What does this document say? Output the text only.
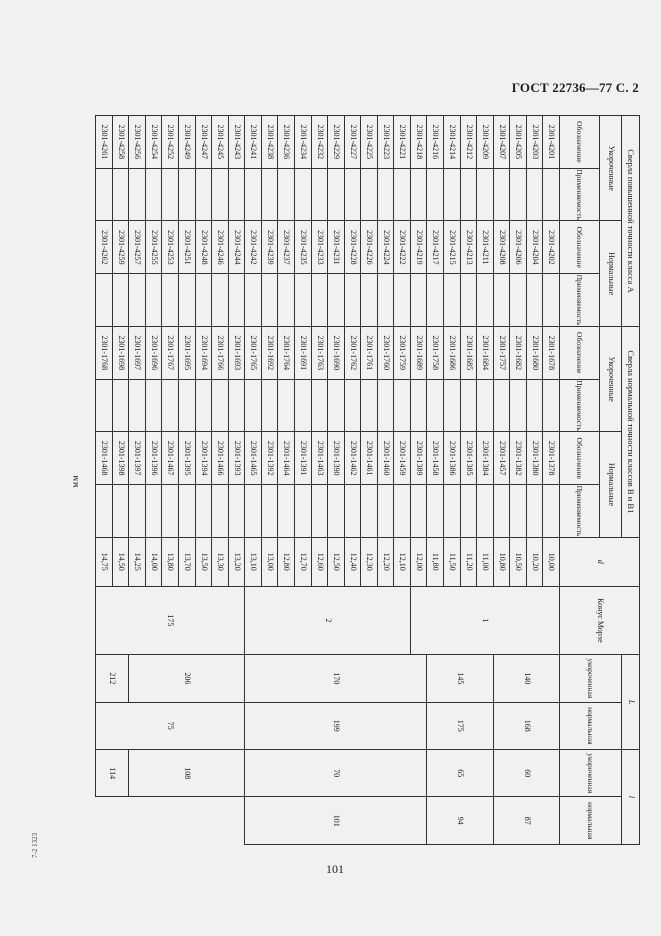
ГОСТ 22736—77 С. 2
мм
7-2 1323
101
Сверла повышенной точности класса А				Сверла нормальной точности классов В и В1				d	Конус Морзе	L		l	
Укороченные		Нормальные		Укороченные		Нормальные				укороченная	нормальная	укороченная	нормальная
Обозначение	Применяемость	Обозначение	Применяемость	Обозначение	Применяемость	Обозначение	Применяемость						
2301-4201		2301-4202		2301-1678		2301-1378		10,00	1	140	168	60	87
2301-4203		2301-4204		2301-1680		2301-1380		10,20					
2301-4205		2301-4206		2301-1682		2301-1382		10,50					
2301-4207		2301-4208		2301-1757		2301-1457		10,80					
2301-4209		2301-4211		2301-1684		2301-1384		11,00		145	175	65	94
2301-4212		2301-4213		2301-1685		2301-1385		11,20					
2301-4214		2301-4215		2301-1686		2301-1386		11,50					
2301-4216		2301-4217		2301-1758		2301-1458		11,80					
2301-4218		2301-4219		2301-1689		2301-1389		12,00		170	199	70	101
2301-4221		2301-4222		2301-1759		2301-1459		12,10	2				
2301-4223		2301-4224		2301-1760		2301-1460		12,20					
2301-4225		2301-4226		2301-1761		2301-1461		12,30					
2301-4227		2301-4228		2301-1762		2301-1462		12,40					
2301-4229		2301-4231		2301-1690		2301-1390		12,50					
2301-4232		2301-4233		2301-1763		2301-1463		12,60					
2301-4234		2301-4235		2301-1691		2301-1391		12,70					
2301-4236		2301-4237		2301-1764		2301-1464		12,80					
2301-4238		2301-4239		2301-1692		2301-1392		13,00					
2301-4241		2301-4242		2301-1765		2301-1465		13,10					
2301-4243		2301-4244		2301-1693		2301-1393		13,20	175	206	75	108	
2301-4245		2301-4246		2301-1766		2301-1466		13,30					
2301-4247		2301-4248		2301-1694		2301-1394		13,50					
2301-4249		2301-4251		2301-1695		2301-1395		13,70					
2301-4252		2301-4253		2301-1767		2301-1467		13,80					
2301-4254		2301-4255		2301-1696		2301-1396		14,00					
2301-4256		2301-4257		2301-1697		2301-1397		14,25					
2301-4258		2301-4259		2301-1698		2301-1398		14,50		212		114	
2301-4261		2301-4262		2301-1768		2301-1468		14,75					
